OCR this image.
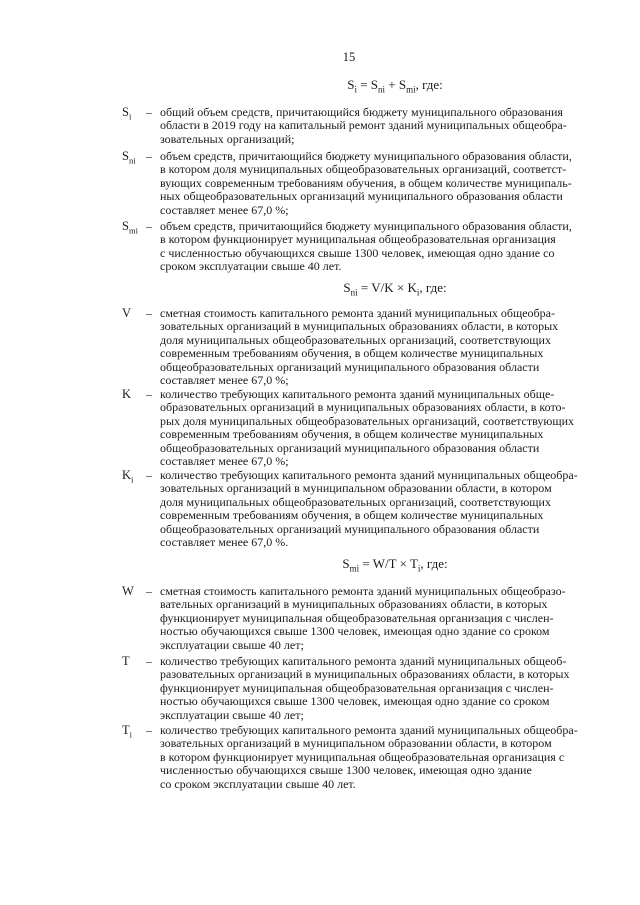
15
$S_i = S_{ni} + S_{mi}$, где:
$S_i$ – общий объем средств, причитающийся бюджету муниципального образования
области в 2019 году на капитальный ремонт зданий муниципальных общеобра-
зовательных организаций;
$S_{ni}$ – объем средств, причитающийся бюджету муниципального образования области,
в котором доля муниципальных общеобразовательных организаций, соответст-
вующих современным требованиям обучения, в общем количестве муниципаль-
ных общеобразовательных организаций муниципального образования области
составляет менее 67,0 %;
$S_{mi}$ – объем средств, причитающийся бюджету муниципального образования области,
в котором функционирует муниципальная общеобразовательная организация
с численностью обучающихся свыше 1300 человек, имеющая одно здание со
сроком эксплуатации свыше 40 лет.
$S_{ni} = V/K \times K_i$, где:
V – сметная стоимость капитального ремонта зданий муниципальных общеобра-
зовательных организаций в муниципальных образованиях области, в которых
доля муниципальных общеобразовательных организаций, соответствующих
современным требованиям обучения, в общем количестве муниципальных
общеобразовательных организаций муниципального образования области
составляет менее 67,0 %;
K – количество требующих капитального ремонта зданий муниципальных обще-
образовательных организаций в муниципальных образованиях области, в кото-
рых доля муниципальных общеобразовательных организаций, соответствующих
современным требованиям обучения, в общем количестве муниципальных
общеобразовательных организаций муниципального образования области
составляет менее 67,0 %;
$K_i$ – количество требующих капитального ремонта зданий муниципальных общеобра-
зовательных организаций в муниципальном образовании области, в котором
доля муниципальных общеобразовательных организаций, соответствующих
современным требованиям обучения, в общем количестве муниципальных
общеобразовательных организаций муниципального образования области
составляет менее 67,0 %.
$S_{mi} = W/T \times T_i$, где:
W – сметная стоимость капитального ремонта зданий муниципальных общеобразо-
вательных организаций в муниципальных образованиях области, в которых
функционирует муниципальная общеобразовательная организация с числен-
ностью обучающихся свыше 1300 человек, имеющая одно здание со сроком
эксплуатации свыше 40 лет;
T – количество требующих капитального ремонта зданий муниципальных общеоб-
разовательных организаций в муниципальных образованиях области, в которых
функционирует муниципальная общеобразовательная организация с числен-
ностью обучающихся свыше 1300 человек, имеющая одно здание со сроком
эксплуатации свыше 40 лет;
$T_i$ – количество требующих капитального ремонта зданий муниципальных общеобра-
зовательных организаций в муниципальном образовании области, в котором
в котором функционирует муниципальная общеобразовательная организация с
численностью обучающихся свыше 1300 человек, имеющая одно здание
со сроком эксплуатации свыше 40 лет.
